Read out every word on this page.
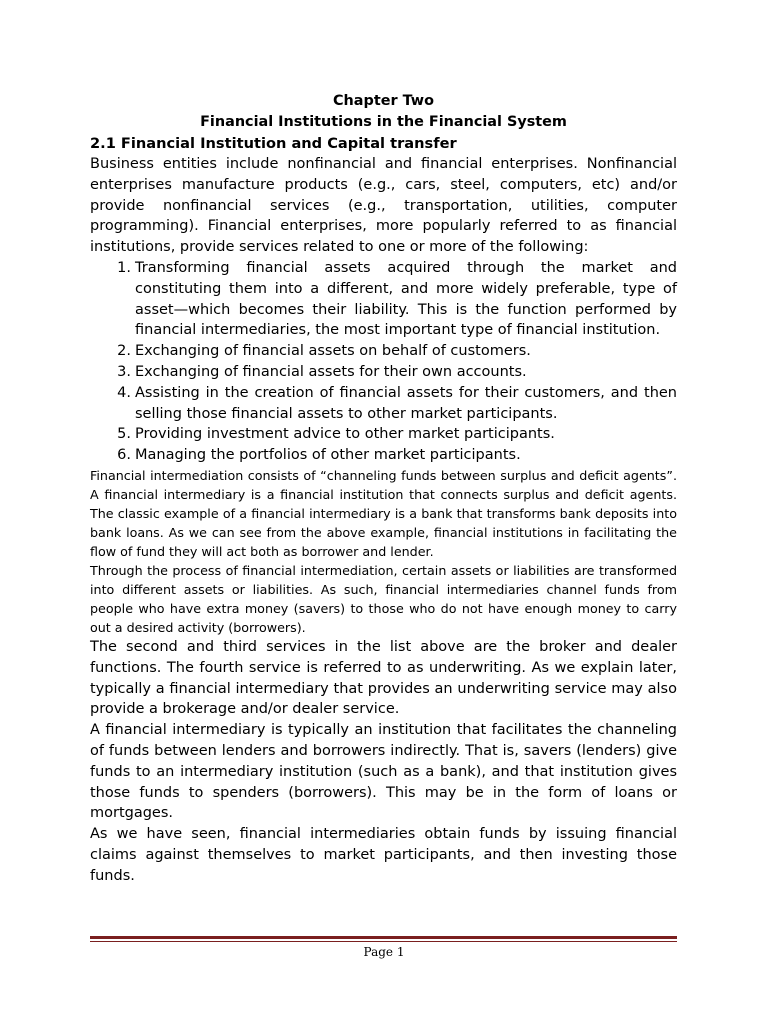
Chapter Two

Financial Institutions in the Financial System

2.1 Financial Institution and Capital transfer

Business entities include nonfinancial and financial enterprises. Nonfinancial enterprises manufacture products (e.g., cars, steel, computers, etc) and/or provide nonfinancial services (e.g., transportation, utilities, computer programming). Financial enterprises, more popularly referred to as financial institutions, provide services related to one or more of the following:

1. Transforming financial assets acquired through the market and constituting them into a different, and more widely preferable, type of asset—which becomes their liability. This is the function performed by financial intermediaries, the most important type of financial institution.
2. Exchanging of financial assets on behalf of customers.
3. Exchanging of financial assets for their own accounts.
4. Assisting in the creation of financial assets for their customers, and then selling those financial assets to other market participants.
5. Providing investment advice to other market participants.
6. Managing the portfolios of other market participants.

Financial intermediation consists of “channeling funds between surplus and deficit agents”. A financial intermediary is a financial institution that connects surplus and deficit agents. The classic example of a financial intermediary is a bank that transforms bank deposits into bank loans. As we can see from the above example, financial institutions in facilitating the flow of fund they will act both as borrower and lender.

Through the process of financial intermediation, certain assets or liabilities are transformed into different assets or liabilities. As such, financial intermediaries channel funds from people who have extra money (savers) to those who do not have enough money to carry out a desired activity (borrowers).

The second and third services in the list above are the broker and dealer functions. The fourth service is referred to as underwriting. As we explain later, typically a financial intermediary that provides an underwriting service may also provide a brokerage and/or dealer service.

A financial intermediary is typically an institution that facilitates the channeling of funds between lenders and borrowers indirectly. That is, savers (lenders) give funds to an intermediary institution (such as a bank), and that institution gives those funds to spenders (borrowers). This may be in the form of loans or mortgages.

As we have seen, financial intermediaries obtain funds by issuing financial claims against themselves to market participants, and then investing those funds.

Page 1
